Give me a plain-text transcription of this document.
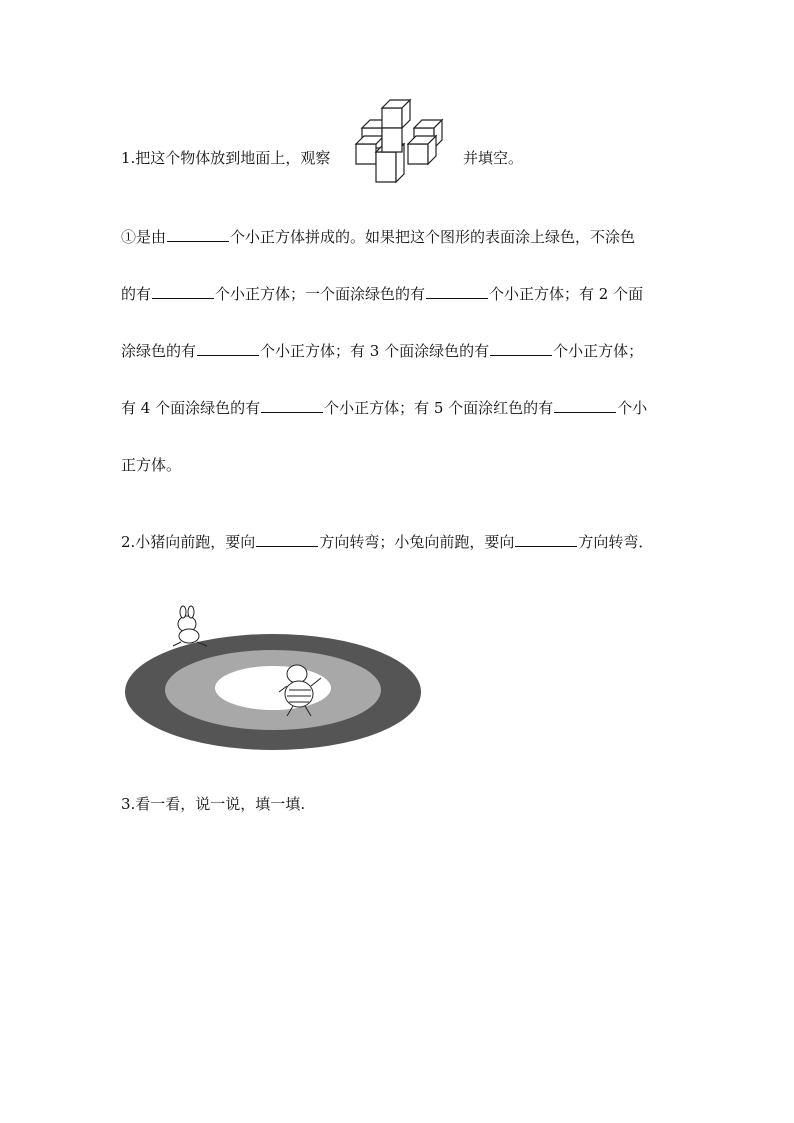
1.把这个物体放到地面上，观察	并填空。
①是由	个小正方体拼成的。如果把这个图形的表面涂上绿色，不涂色
的有	个小正方体；一个面涂绿色的有	个小正方体；有 2 个面
涂绿色的有	个小正方体；有 3 个面涂绿色的有	个小正方体；
有 4 个面涂绿色的有	个小正方体；有 5 个面涂红色的有	个小
正方体。
2.小猪向前跑，要向	方向转弯；小兔向前跑，要向	方向转弯．
3.看一看，说一说，填一填.
